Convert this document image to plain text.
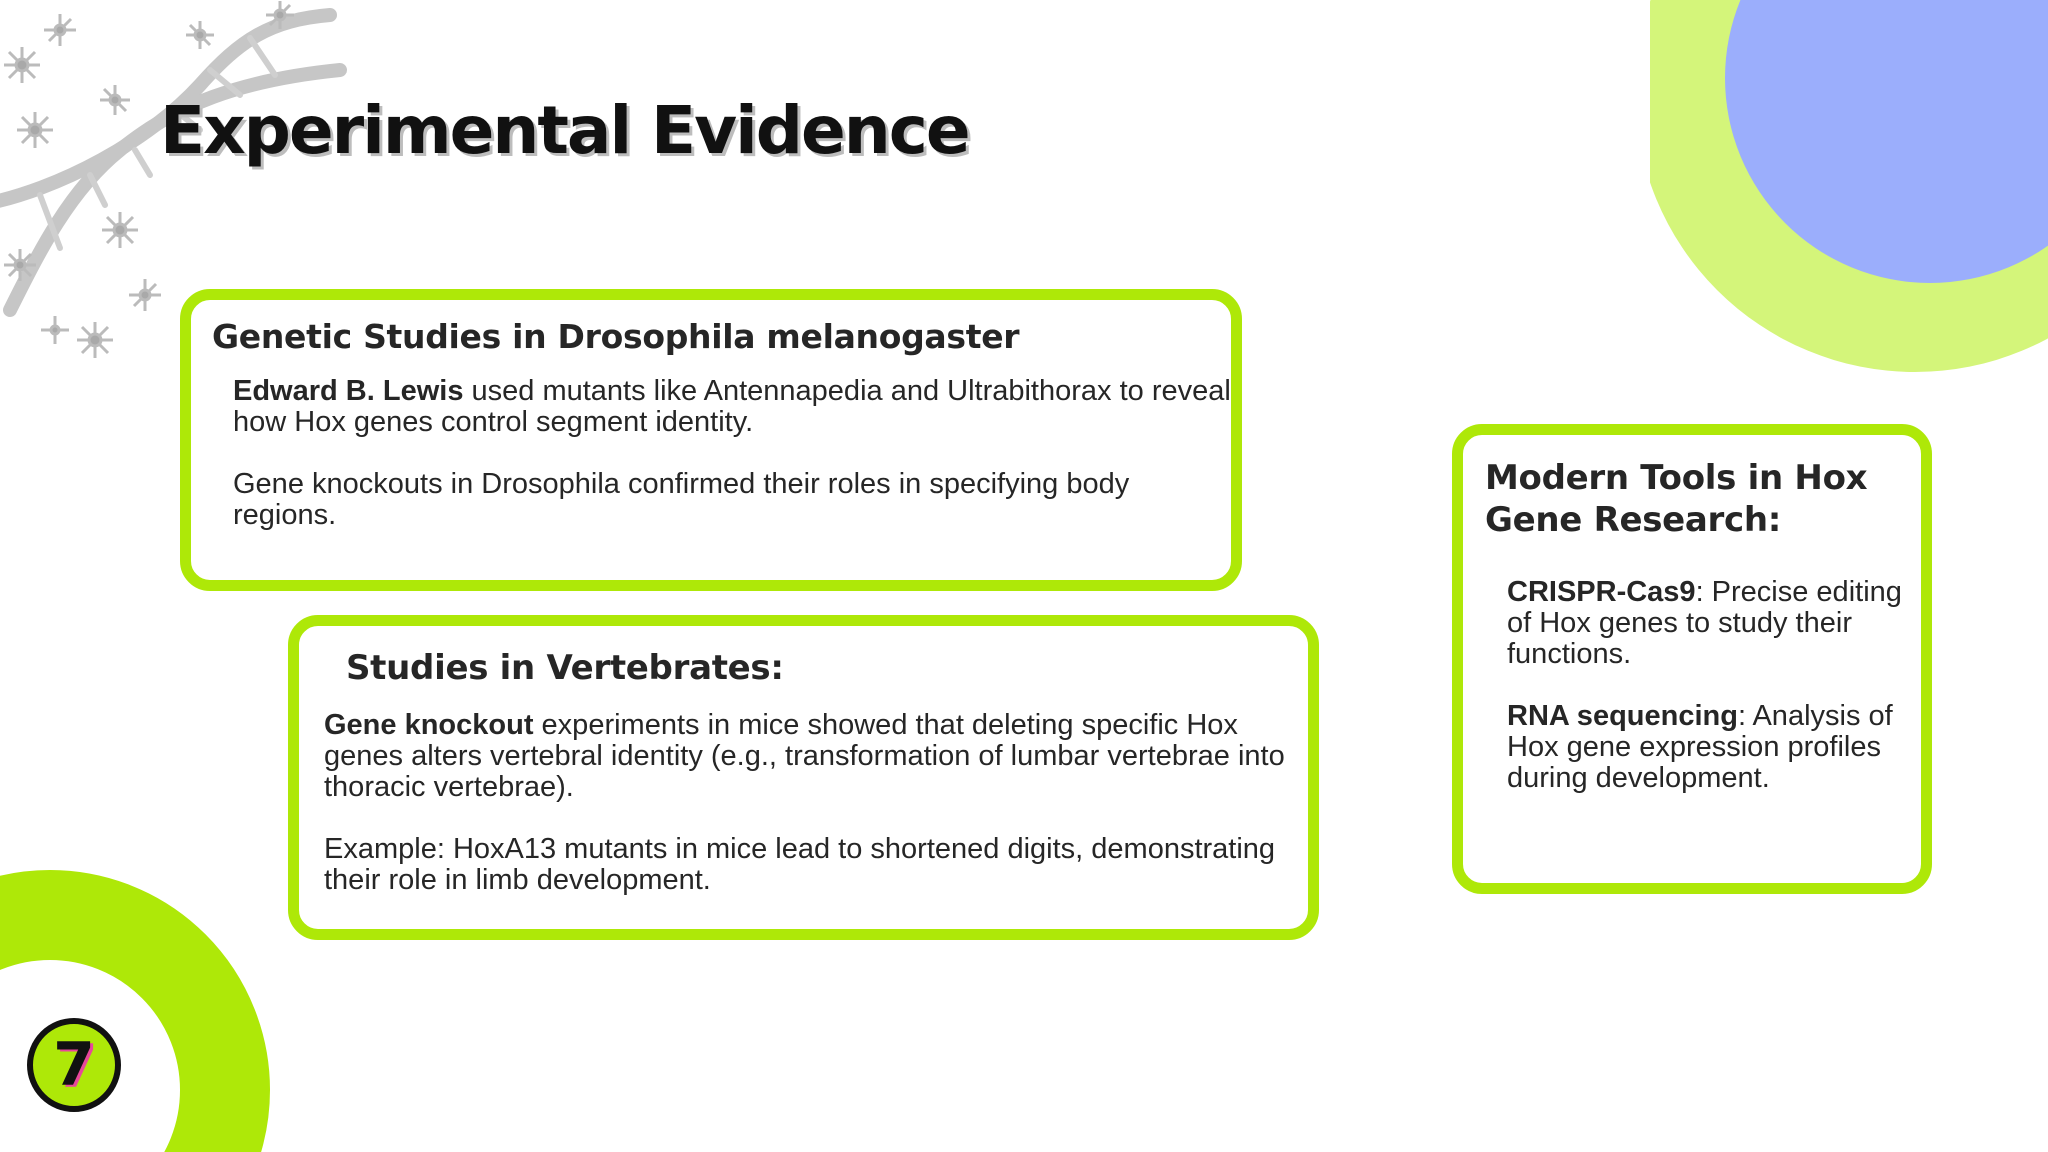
Experimental Evidence
Genetic Studies in Drosophila melanogaster

Edward B. Lewis used mutants like Antennapedia and Ultrabithorax to reveal how Hox genes control segment identity.

Gene knockouts in Drosophila confirmed their roles in specifying body regions.

Studies in Vertebrates:

Gene knockout experiments in mice showed that deleting specific Hox genes alters vertebral identity (e.g., transformation of lumbar vertebrae into thoracic vertebrae).

Example: HoxA13 mutants in mice lead to shortened digits, demonstrating their role in limb development.

Modern Tools in Hox Gene Research:

CRISPR-Cas9: Precise editing of Hox genes to study their functions.

RNA sequencing: Analysis of Hox gene expression profiles during development.

7
